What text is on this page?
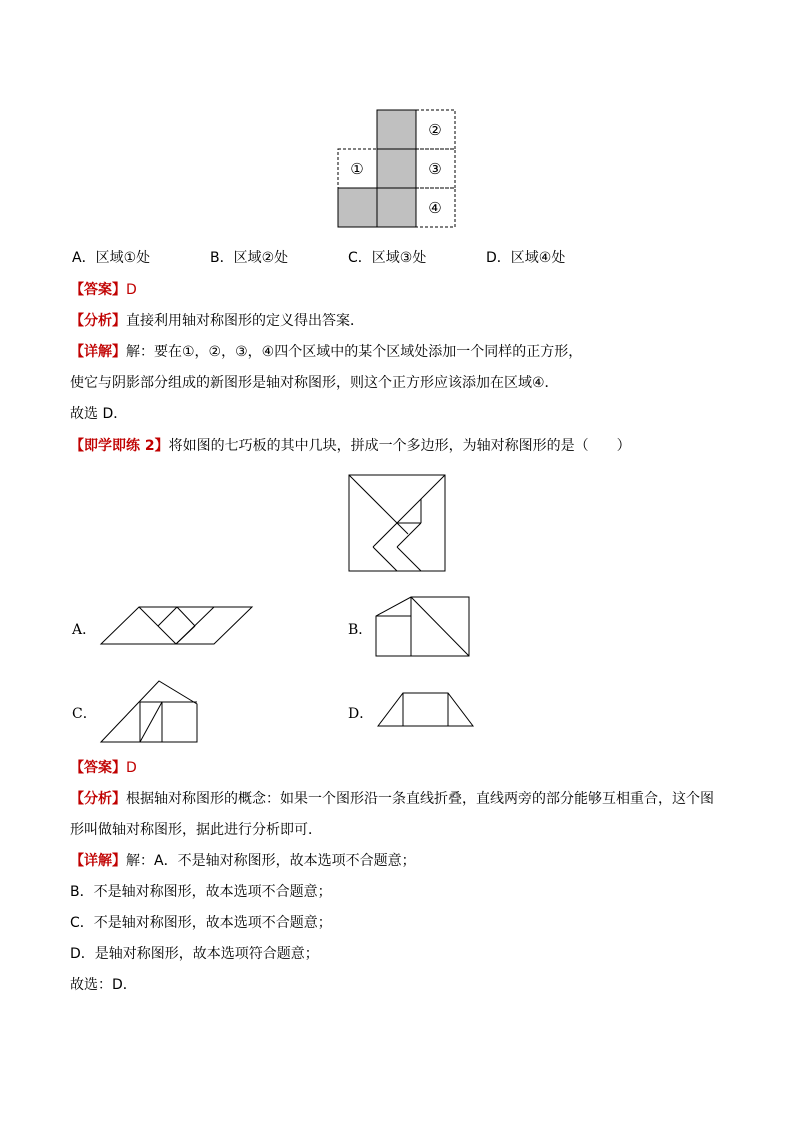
①
②
③
④
A．区域①处	B．区域②处	C．区域③处	D．区域④处
【答案】D
【分析】直接利用轴对称图形的定义得出答案．
【详解】解：要在①，②，③，④四个区域中的某个区域处添加一个同样的正方形，
使它与阴影部分组成的新图形是轴对称图形，则这个正方形应该添加在区域④．
故选 D．
【即学即练 2】将如图的七巧板的其中几块，拼成一个多边形，为轴对称图形的是（　　）
A．	B．
C．	D．
【答案】D
【分析】根据轴对称图形的概念：如果一个图形沿一条直线折叠，直线两旁的部分能够互相重合，这个图
形叫做轴对称图形，据此进行分析即可．
【详解】解：A．不是轴对称图形，故本选项不合题意；
B．不是轴对称图形，故本选项不合题意；
C．不是轴对称图形，故本选项不合题意；
D．是轴对称图形，故本选项符合题意；
故选：D．
